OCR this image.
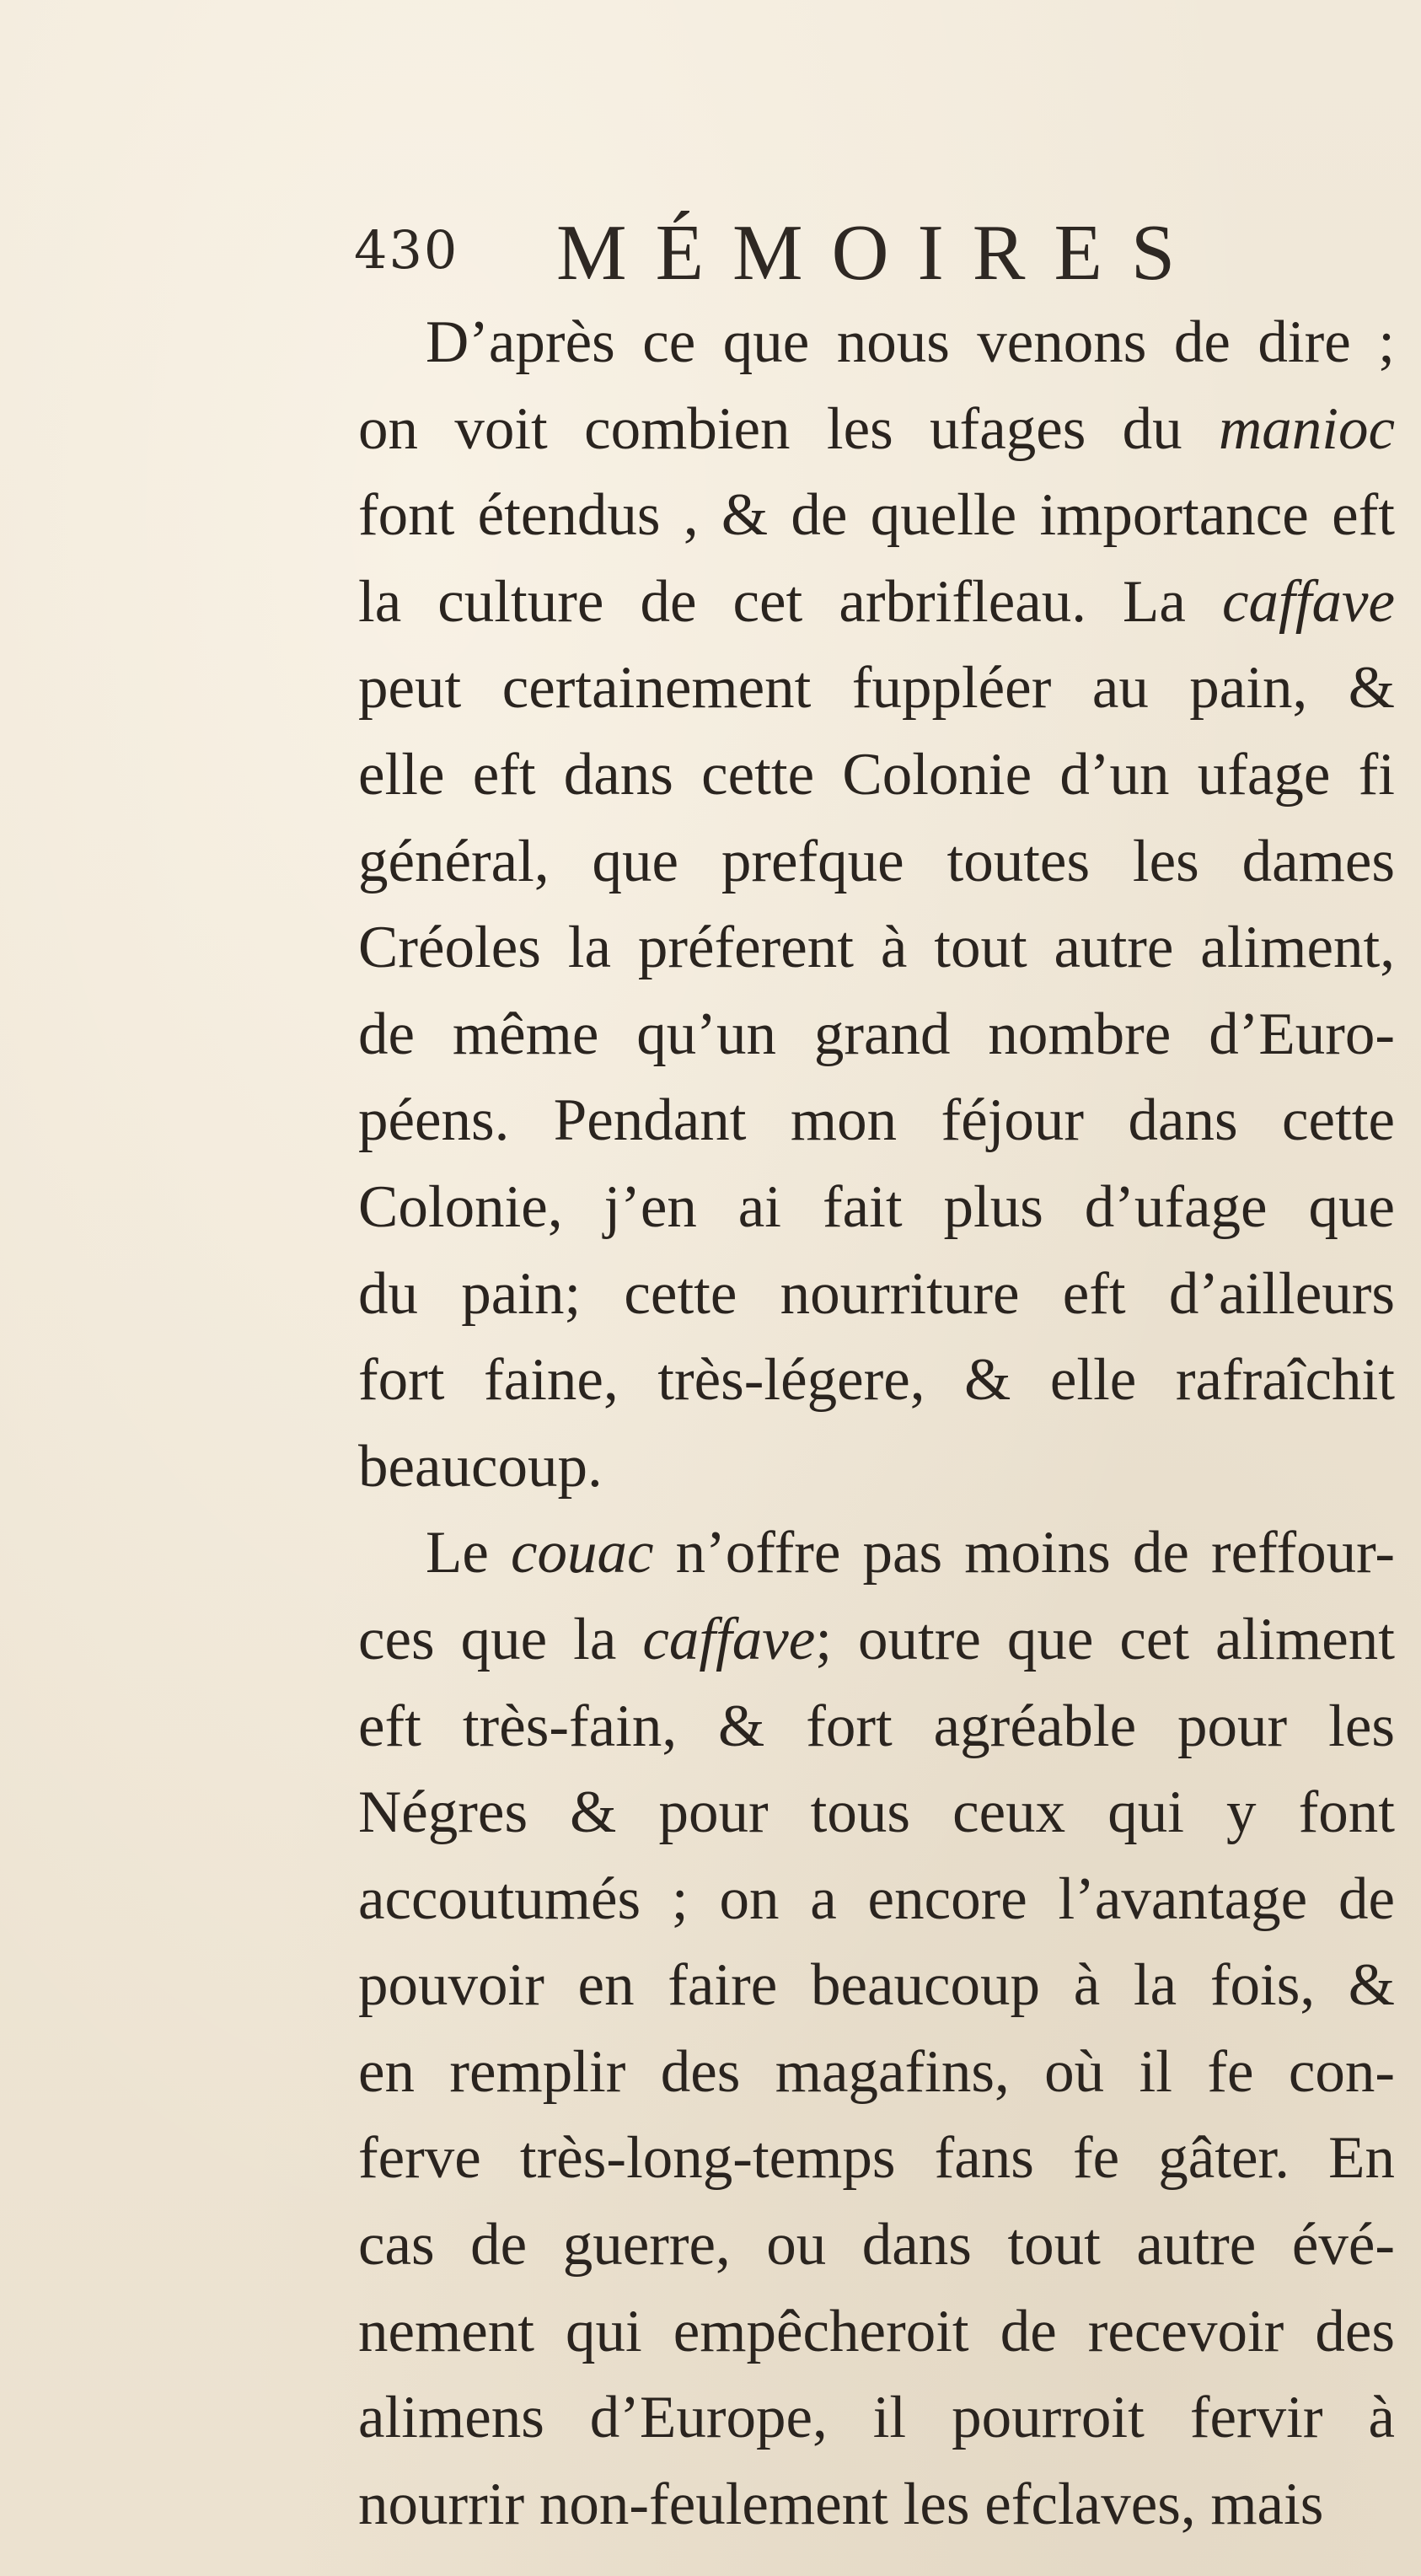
430 MÉMOIRES
D’après ce que nous venons de dire ;
on voit combien les ufages du manioc
font étendus , & de quelle importance eft
la culture de cet arbrifleau. La caffave
peut certainement fuppléer au pain, &
elle eft dans cette Colonie d’un ufage fi
général, que prefque toutes les dames
Créoles la préferent à tout autre aliment,
de même qu’un grand nombre d’Euro-
péens. Pendant mon féjour dans cette
Colonie, j’en ai fait plus d’ufage que
du pain; cette nourriture eft d’ailleurs
fort faine, très-légere, & elle rafraîchit
beaucoup.
Le couac n’offre pas moins de reffour-
ces que la caffave; outre que cet aliment
eft très-fain, & fort agréable pour les
Négres & pour tous ceux qui y font
accoutumés ; on a encore l’avantage de
pouvoir en faire beaucoup à la fois, &
en remplir des magafins, où il fe con-
ferve très-long-temps fans fe gâter. En
cas de guerre, ou dans tout autre évé-
nement qui empêcheroit de recevoir des
alimens d’Europe, il pourroit fervir à
nourrir non-feulement les efclaves, mais
